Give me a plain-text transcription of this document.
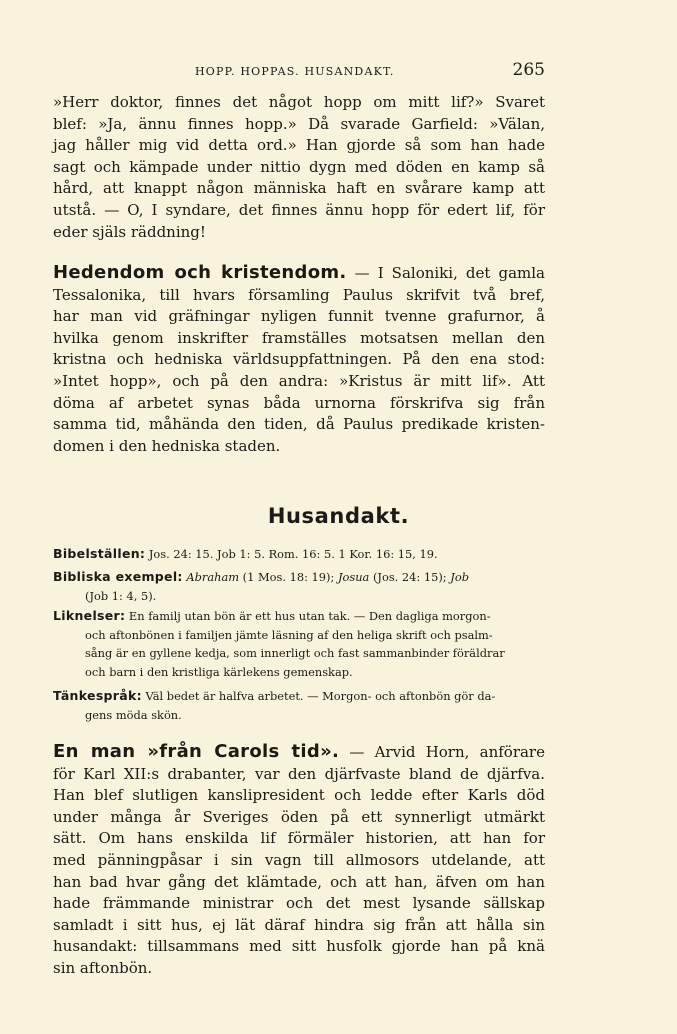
HOPP. HOPPAS. HUSANDAKT.	265
»Herr doktor, finnes det något hopp om mitt lif?» Svaret
blef: »Ja, ännu finnes hopp.» Då svarade Garfield: »Välan,
jag håller mig vid detta ord.» Han gjorde så som han hade
sagt och kämpade under nittio dygn med döden en kamp så
hård, att knappt någon människa haft en svårare kamp att
utstå. — O, I syndare, det finnes ännu hopp för edert lif, för
eder själs räddning!
Hedendom och kristendom. — I Saloniki, det gamla
Tessalonika, till hvars församling Paulus skrifvit två bref,
har man vid gräfningar nyligen funnit tvenne grafurnor, å
hvilka genom inskrifter framställes motsatsen mellan den
kristna och hedniska världsuppfattningen. På den ena stod:
»Intet hopp», och på den andra: »Kristus är mitt lif». Att
döma af arbetet synas båda urnorna förskrifva sig från
samma tid, måhända den tiden, då Paulus predikade kristen-
domen i den hedniska staden.
Husandakt.
Bibelställen: Jos. 24: 15. Job 1: 5. Rom. 16: 5. 1 Kor. 16: 15, 19.
Bibliska exempel: Abraham (1 Mos. 18: 19); Josua (Jos. 24: 15); Job
(Job 1: 4, 5).
Liknelser: En familj utan bön är ett hus utan tak. — Den dagliga morgon-
och aftonbönen i familjen jämte läsning af den heliga skrift och psalm-
sång är en gyllene kedja, som innerligt och fast sammanbinder föräldrar
och barn i den kristliga kärlekens gemenskap.
Tänkespråk: Väl bedet är halfva arbetet. — Morgon- och aftonbön gör da-
gens möda skön.
En man »från Carols tid». — Arvid Horn, anförare
för Karl XII:s drabanter, var den djärfvaste bland de djärfva.
Han blef slutligen kanslipresident och ledde efter Karls död
under många år Sveriges öden på ett synnerligt utmärkt
sätt. Om hans enskilda lif förmäler historien, att han for
med pänningpåsar i sin vagn till allmosors utdelande, att
han bad hvar gång det klämtade, och att han, äfven om han
hade främmande ministrar och det mest lysande sällskap
samladt i sitt hus, ej lät däraf hindra sig från att hålla sin
husandakt: tillsammans med sitt husfolk gjorde han på knä
sin aftonbön.
